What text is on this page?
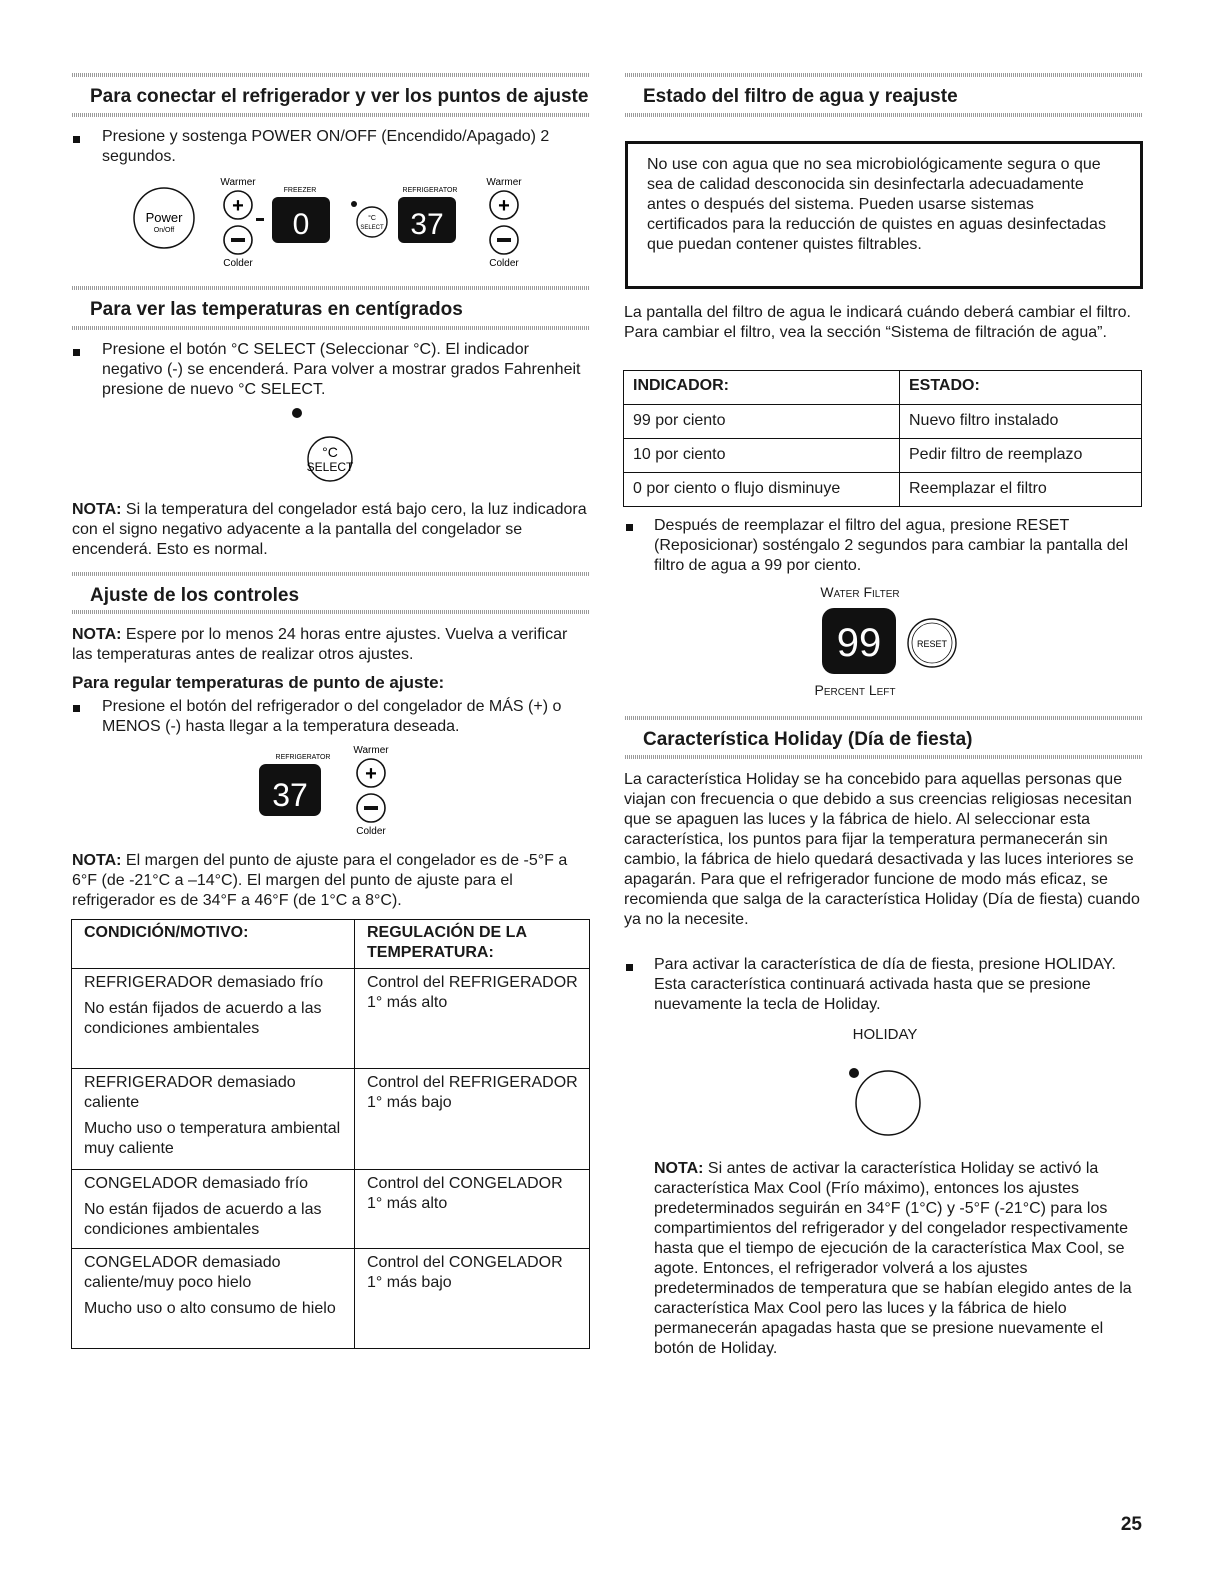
Para conectar el refrigerador y ver los puntos de ajuste

Presione y sostenga POWER ON/OFF (Encendido/Apagado) 2 segundos.

Power
On/Off
Warmer
+
Colder
FREEZER
0	°C
SELECT
REFRIGERATOR
37
Warmer
+
Colder
Para ver las temperaturas en centígrados

Presione el botón °C SELECT (Seleccionar °C). El indicador negativo (-) se encenderá. Para volver a mostrar grados Fahrenheit presione de nuevo °C SELECT.

°C
SELECT

NOTA: Si la temperatura del congelador está bajo cero, la luz indicadora con el signo negativo adyacente a la pantalla del congelador se encenderá. Esto es normal.

Ajuste de los controles

NOTA: Espere por lo menos 24 horas entre ajustes. Vuelva a verificar las temperaturas antes de realizar otros ajustes.

Para regular temperaturas de punto de ajuste:

Presione el botón del refrigerador o del congelador de MÁS (+) o MENOS (-) hasta llegar a la temperatura deseada.

REFRIGERATOR
37
Warmer
+
Colder

NOTA: El margen del punto de ajuste para el congelador es de -5°F a 6°F (de -21°C a –14°C). El margen del punto de ajuste para el refrigerador es de 34°F a 46°F (de 1°C a 8°C).

CONDICIÓN/MOTIVO:	REGULACIÓN DE LA
TEMPERATURA:

REFRIGERADOR demasiado frío
No están fijados de acuerdo a las condiciones ambientales	Control del REFRIGERADOR 1° más alto

REFRIGERADOR demasiado caliente
Mucho uso o temperatura ambiental muy caliente	Control del REFRIGERADOR 1° más bajo

CONGELADOR demasiado frío
No están fijados de acuerdo a las condiciones ambientales	Control del CONGELADOR 1° más alto

CONGELADOR demasiado caliente/muy poco hielo
Mucho uso o alto consumo de hielo	Control del CONGELADOR 1° más bajo
Estado del filtro de agua y reajuste

No use con agua que no sea microbiológicamente segura o que sea de calidad desconocida sin desinfectarla adecuadamente antes o después del sistema. Pueden usarse sistemas certificados para la reducción de quistes en aguas desinfectadas que puedan contener quistes filtrables.

La pantalla del filtro de agua le indicará cuándo deberá cambiar el filtro. Para cambiar el filtro, vea la sección “Sistema de filtración de agua”.

INDICADOR:	ESTADO:
99 por ciento	Nuevo filtro instalado
10 por ciento	Pedir filtro de reemplazo
0 por ciento o flujo disminuye	Reemplazar el filtro

Después de reemplazar el filtro del agua, presione RESET (Reposicionar) sosténgalo 2 segundos para cambiar la pantalla del filtro de agua a 99 por ciento.

Water Filter
99	RESET
Percent Left
Característica Holiday (Día de fiesta)

La característica Holiday se ha concebido para aquellas personas que viajan con frecuencia o que debido a sus creencias religiosas necesitan que se apaguen las luces y la fábrica de hielo. Al seleccionar esta característica, los puntos para fijar la temperatura permanecerán sin cambio, la fábrica de hielo quedará desactivada y las luces interiores se apagarán. Para que el refrigerador funcione de modo más eficaz, se recomienda que salga de la característica Holiday (Día de fiesta) cuando ya no la necesite.

Para activar la característica de día de fiesta, presione HOLIDAY. Esta característica continuará activada hasta que se presione nuevamente la tecla de Holiday.

HOLIDAY

NOTA: Si antes de activar la característica Holiday se activó la característica Max Cool (Frío máximo), entonces los ajustes predeterminados seguirán en 34°F (1°C) y -5°F (-21°C) para los compartimientos del refrigerador y del congelador respectivamente hasta que el tiempo de ejecución de la característica Max Cool, se agote. Entonces, el refrigerador volverá a los ajustes predeterminados de temperatura que se habían elegido antes de la característica Max Cool pero las luces y la fábrica de hielo permanecerán apagadas hasta que se presione nuevamente el botón de Holiday.

25
